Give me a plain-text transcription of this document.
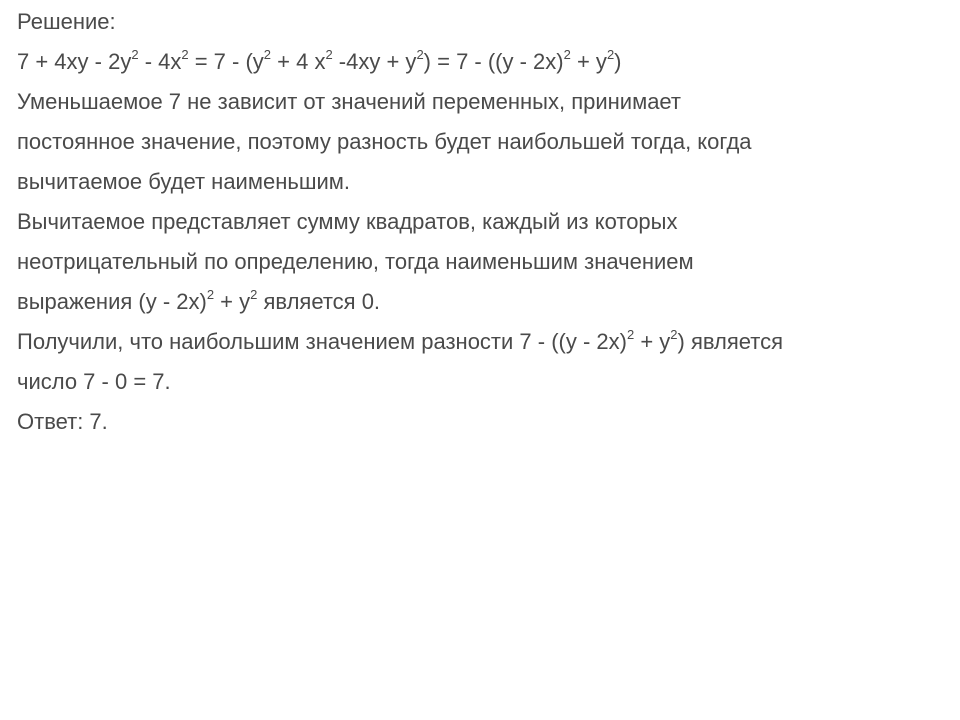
Решение:
$7 + 4xy - 2y^2 - 4x^2 = 7 - (y^2 + 4$ $x^2$ $-4xy + y^2) = 7 - ((y - 2x)^2 + y^2)$
Уменьшаемое 7 не зависит от значений переменных, принимает
постоянное значение, поэтому разность будет наибольшей тогда, когда
вычитаемое будет наименьшим.
Вычитаемое представляет сумму квадратов, каждый из которых
неотрицательный по определению, тогда наименьшим значением
выражения $(y - 2x)^2 + y^2$ является 0.
Получили, что наибольшим значением разности $7 - ((y - 2x)^2 + y^2)$ является
число 7 - 0 = 7.
Ответ: 7.
